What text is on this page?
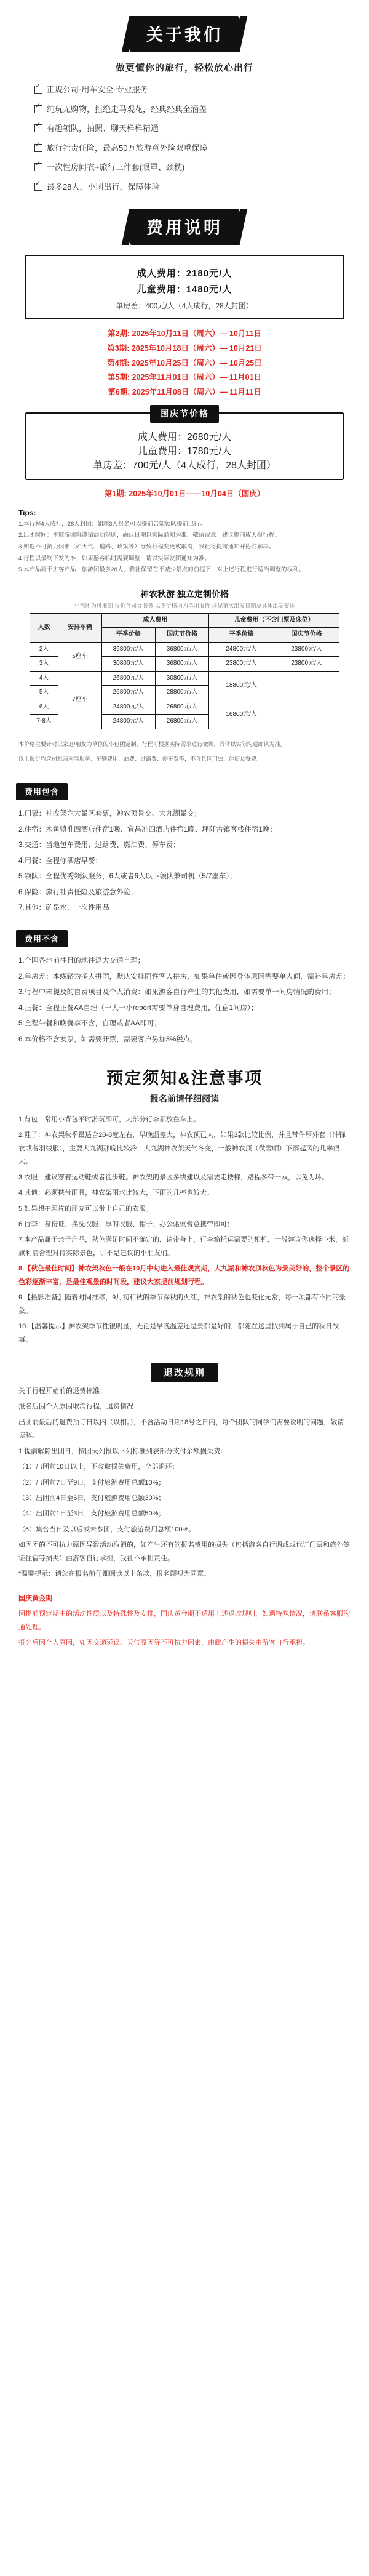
关于我们
做更懂你的旅行，轻松放心出行
✓
正规公司·用车安全·专业服务
✓
纯玩无购物，拒绝走马观花，经典经典全涵盖
✓
有趣领队，拍照、聊天样样精通
✓
旅行社责任险，最高50万旅游意外险双重保障
✓
一次性房间衣+旅行三件套(眼罩、颈枕)
✓
最多28人，小团出行，保障体验
费用说明
成人费用：2180元/人
儿童费用：1480元/人
单房差：400元/人（4人成行，28人封团）
第2期: 2025年10月11日（周六）— 10月11日
第3期: 2025年10月18日（周六）— 10月21日
第4期: 2025年10月25日（周六）— 10月25日
第5期: 2025年11月01日（周六）— 11月01日
第6期: 2025年11月08日（周六）— 11月11日
国庆节价格
成人费用：2680元/人
儿童费用：1780元/人
单房差：700元/人（4人成行，28人封团）
第1期: 2025年10月01日——10月04日（国庆）
Tips:

1.本行程4人成行，28人封团；如超3人报名可以提前告知领队提前出行。

2.出团时间：本旅游团将遵循活动规则，确认日期以实际通知为准，敬请留意。建议提前成人报行程。

3.如遇不可抗力因素（如天气、道路、政策等）导致行程变更或取消，我社将提前通知并协商解决。

4.行程以最终下发为准，如果游客临时需要调整，请以实际发团通知为准。

5.本产品属于拼客产品，旅游团最多28人，我社保留在不减少景点的前提下，对上述行程进行适当调整的权利。

神农秋游 独立定制价格
小包团为可准则 报价含司导服务 以下价格均为单团报价 详见第次出发日期及具体出发安排
人数	安排车辆	成人费用		儿童费用（不含门票及床位）	
		平季价格	国庆节价格	平季价格	国庆节价格
2人	5座车	39800元/人	36800元/人	24800元/人	23800元/人
3人		30800元/人	36800元/人	23800元/人	23800元/人
4人	7座车	26800元/人	30800元/人	18800元/人	
5人		26800元/人	28800元/人		
6人		24800元/人	26800元/人	16800元/人	
7-8人		24800元/人	26800元/人		

本价格主要针对以家庭/朋友为单位的小包团定制，行程可根据实际需求进行微调，具体以实际沟通确认为准。

以上报价均含司机兼向导服务、车辆费用、油费、过路费、停车费等，不含景区门票、住宿及餐费。

费用包含

1.门票：神农架六大景区套票，神农顶景交、大九湖景交；

2.住宿：木鱼镇准四酒店住宿1晚、宜昌准四酒店住宿1晚、坪阡古镇客栈住宿1晚；

3.交通：当地包车费用、过路费、燃油费、停车费；

4.用餐：全程你酒店早餐；

5.领队：全程优秀领队服务，6人或者6人以下领队兼司机（5/7座车）；

6.保险：旅行社责任险及旅游意外险；

7.其他：矿泉水、一次性用品

费用不含

1.全国各地前往目的地往返大交通自理；

2.单房差：本线路为多人拼团，默认安排同性客人拼房，如果单住或因身体原因需要单人间，需补单房差；

3.行程中未提及的自费项目及个人消费：如果游客自行产生的其他费用，如需要单一间房情况的费用；

4.正餐：全程正餐AA自理（一大一小report需要单身自理费用，住宿1间房）；

5.全程午餐和晚餐享不含，自理或者AA即可；

6.本价格不含发票，如需要开票，需要客户另加3%税点。

预定须知&注意事项
报名前请仔细阅读

1.背包：常用小背包平时游玩即可，大部分行李都放在车上。

2.鞋子：神农架秋季最适合20-8度左右，早晚温差大，神农顶已人，如果3款比较比例，并且带件厚外套（冲锋衣或者羽绒服），主要大九湖那晚比较冷，大九湖神农架天气冬变，一般神农顶（微雪晒）下雨起风的几率很大。

3.衣服：建议穿着运动鞋或者徒步鞋。神农架的景区多线建以及需要走楼梯，路程多带一双，以免为坏。

4.其他：必须携带雨具，神农架雨水比较大，下雨的几率也较大。

5.如果想拍照片的朋友可以带上自己的衣服。

6.行李：身份证、换洗衣服、厚的衣服、帽子、办公驱蚊膏意携带即可；

7.本产品属于亲子产品，秋色满足时间不确定的，请带备上，行李箱托运需要的相机，一般建议你选择小米，新旗利清合理对待实际景色，讲不是建议的小朋友们。

8.【秋色最佳时间】神农架秋色一般在10月中旬进入最佳观赏期，大九湖和神农顶秋色为景美好的，整个景区的色彩逐渐丰富，是最佳观景的时间段，建议大家提前规划行程。

9.【摄影准备】随着时间推移，9月初和秋的季节深秋的火红，神农架的秋色也变化无常，每一项都有不同的景象。

10.【温馨提示】神农架季节性很明显，无论是早晚温差还是景都是好的，都随在这里找到属于自己的秋日故事。

退改规则

关于行程开始前的退费标准：

报名后因个人原因取消行程，退费情况：

出团前最后的退费预订日以内（以扣。），不含活动日期18号之日内，每个团队的同学们需要说明的问题，敬请谅解。

1.提前解除出团日，按团天列报以下列标准列表部分支付余额损失费：

（1）出团前10日以上，不收取损失费用，全部退还；

（2）出团前7日至9日，支付旅游费用总额10%；

（3）出团前4日至6日，支付旅游费用总额30%；

（4）出团前1日至3日，支付旅游费用总额50%；

（5）集合当日及以后或未参团，支付旅游费用总额100%。

如因团的不可抗力原因导致活动取消的，如产生还有的报名费用的损失（包括游客自行调或或代订门票和旅外签证住宿等损失）由游客自行承担，我社不承担责任。

*温馨提示：请您在报名前仔细阅读以上条款，报名即视为同意。

国庆黄金期：

因提前预定期中的活动性质以及特殊性及安排，国庆黄金期不适用上述退改规则，如遇特殊情况，请联系客服沟通处理。

报名后因个人原因，如因交通延误、天气原因等不可抗力因素，由此产生的损失由游客自行承担。
